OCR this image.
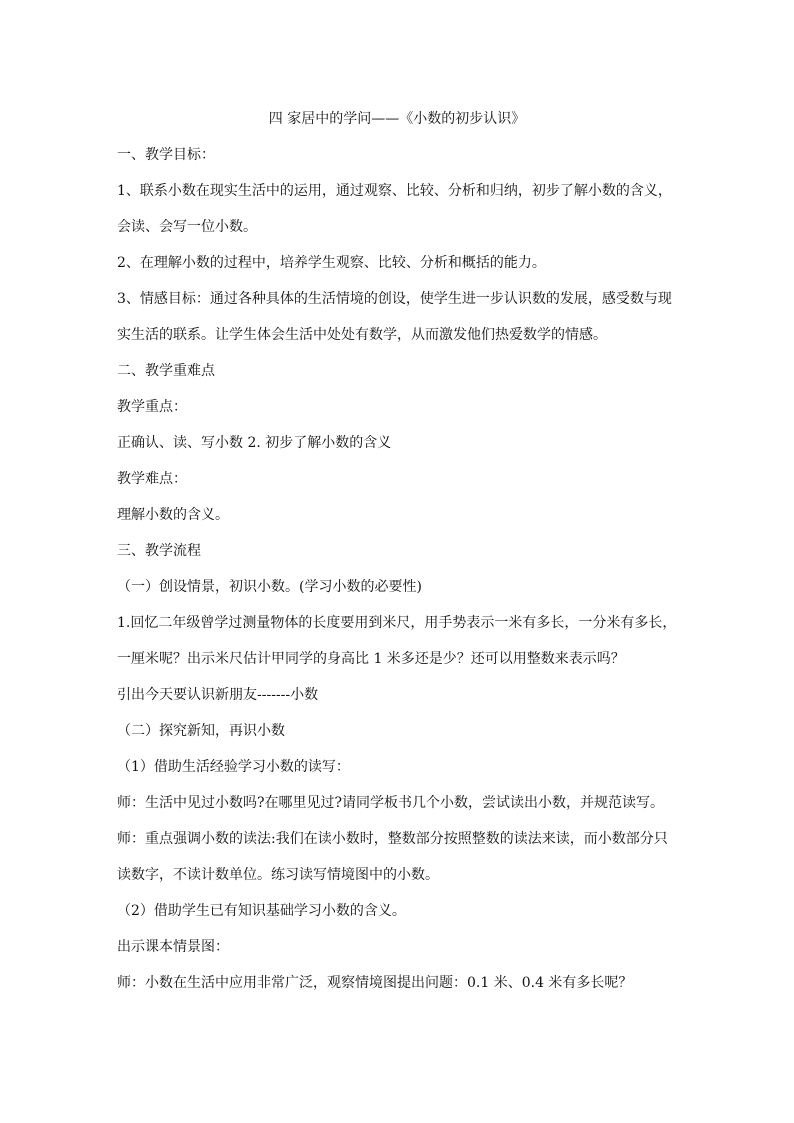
四 家居中的学问——《小数的初步认识》
一、教学目标：
1、联系小数在现实生活中的运用，通过观察、比较、分析和归纳，初步了解小数的含义，
会读、会写一位小数。
2、在理解小数的过程中，培养学生观察、比较、分析和概括的能力。
3、情感目标：通过各种具体的生活情境的创设，使学生进一步认识数的发展，感受数与现
实生活的联系。让学生体会生活中处处有数学，从而激发他们热爱数学的情感。
二、教学重难点
教学重点：
正确认、读、写小数 2. 初步了解小数的含义
教学难点：
理解小数的含义。
三、教学流程
（一）创设情景，初识小数。(学习小数的必要性)
1.回忆二年级曾学过测量物体的长度要用到米尺，用手势表示一米有多长，一分米有多长，
一厘米呢？出示米尺估计甲同学的身高比 1 米多还是少？还可以用整数来表示吗？
引出今天要认识新朋友-------小数
（二）探究新知，再识小数
（1）借助生活经验学习小数的读写：
师：生活中见过小数吗?在哪里见过?请同学板书几个小数，尝试读出小数，并规范读写。
师：重点强调小数的读法:我们在读小数时，整数部分按照整数的读法来读，而小数部分只
读数字，不读计数单位。练习读写情境图中的小数。
（2）借助学生已有知识基础学习小数的含义。
出示课本情景图：
师：小数在生活中应用非常广泛，观察情境图提出问题：0.1 米、0.4 米有多长呢？
